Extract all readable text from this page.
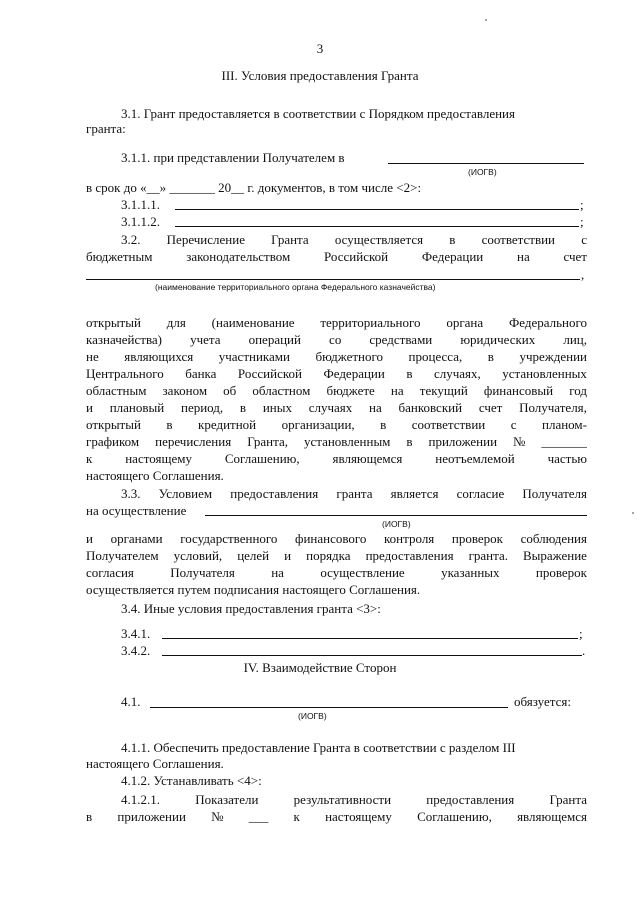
3
III. Условия предоставления Гранта
3.1. Грант предоставляется в соответствии с Порядком предоставления
гранта:
3.1.1. при представлении Получателем в
(ИОГВ)
в срок до «__» _______ 20__ г. документов, в том числе <2>:
3.1.1.1.	;
3.1.1.2.	;
3.2. Перечисление Гранта осуществляется в соответствии с
бюджетным	законодательством	Российской	Федерации	на	счет
,
(наименование территориального органа Федерального казначейства)
открытый для (наименование территориального органа Федерального
казначейства) учета операций со средствами юридических лиц,
не являющихся участниками бюджетного процесса, в учреждении
Центрального банка Российской Федерации в случаях, установленных
областным законом об областном бюджете на текущий финансовый год
и плановый период, в иных случаях на банковский счет Получателя,
открытый в кредитной организации, в соответствии с планом-
графиком перечисления Гранта, установленным в приложении № _______
к	настоящему	Соглашению,	являющемся	неотъемлемой	частью
настоящего Соглашения.
3.3. Условием предоставления гранта является согласие Получателя
на осуществление
(ИОГВ)
и органами государственного финансового контроля проверок соблюдения
Получателем условий, целей и порядка предоставления гранта. Выражение
согласия	Получателя	на	осуществление	указанных	проверок
осуществляется путем подписания настоящего Соглашения.
3.4. Иные условия предоставления гранта <3>:
3.4.1.	;
3.4.2.	.
IV. Взаимодействие Сторон
4.1.	обязуется:
(ИОГВ)
4.1.1. Обеспечить предоставление Гранта в соответствии с разделом III
настоящего Соглашения.
4.1.2. Устанавливать <4>:
4.1.2.1.	Показатели	результативности	предоставления	Гранта
в приложении № ___ к настоящему Соглашению, являющемся
